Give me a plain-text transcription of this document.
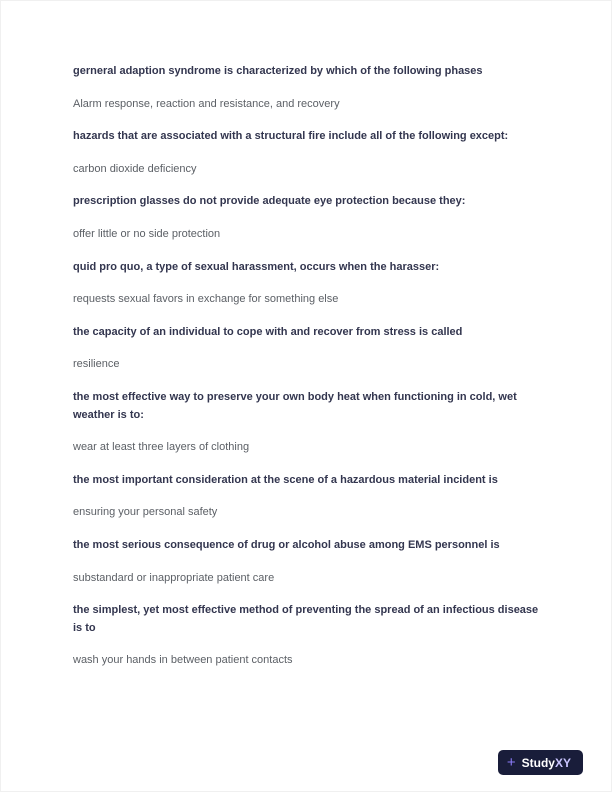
gerneral adaption syndrome is characterized by which of the following phases
Alarm response, reaction and resistance, and recovery
hazards that are associated with a structural fire include all of the following except:
carbon dioxide deficiency
prescription glasses do not provide adequate eye protection because they:
offer little or no side protection
quid pro quo, a type of sexual harassment, occurs when the harasser:
requests sexual favors in exchange for something else
the capacity of an individual to cope with and recover from stress is called
resilience
the most effective way to preserve your own body heat when functioning in cold, wet weather is to:
wear at least three layers of clothing
the most important consideration at the scene of a hazardous material incident is
ensuring your personal safety
the most serious consequence of drug or alcohol abuse among EMS personnel is
substandard or inappropriate patient care
the simplest, yet most effective method of preventing the spread of an infectious disease is to
wash your hands in between patient contacts
+ StudyXY
